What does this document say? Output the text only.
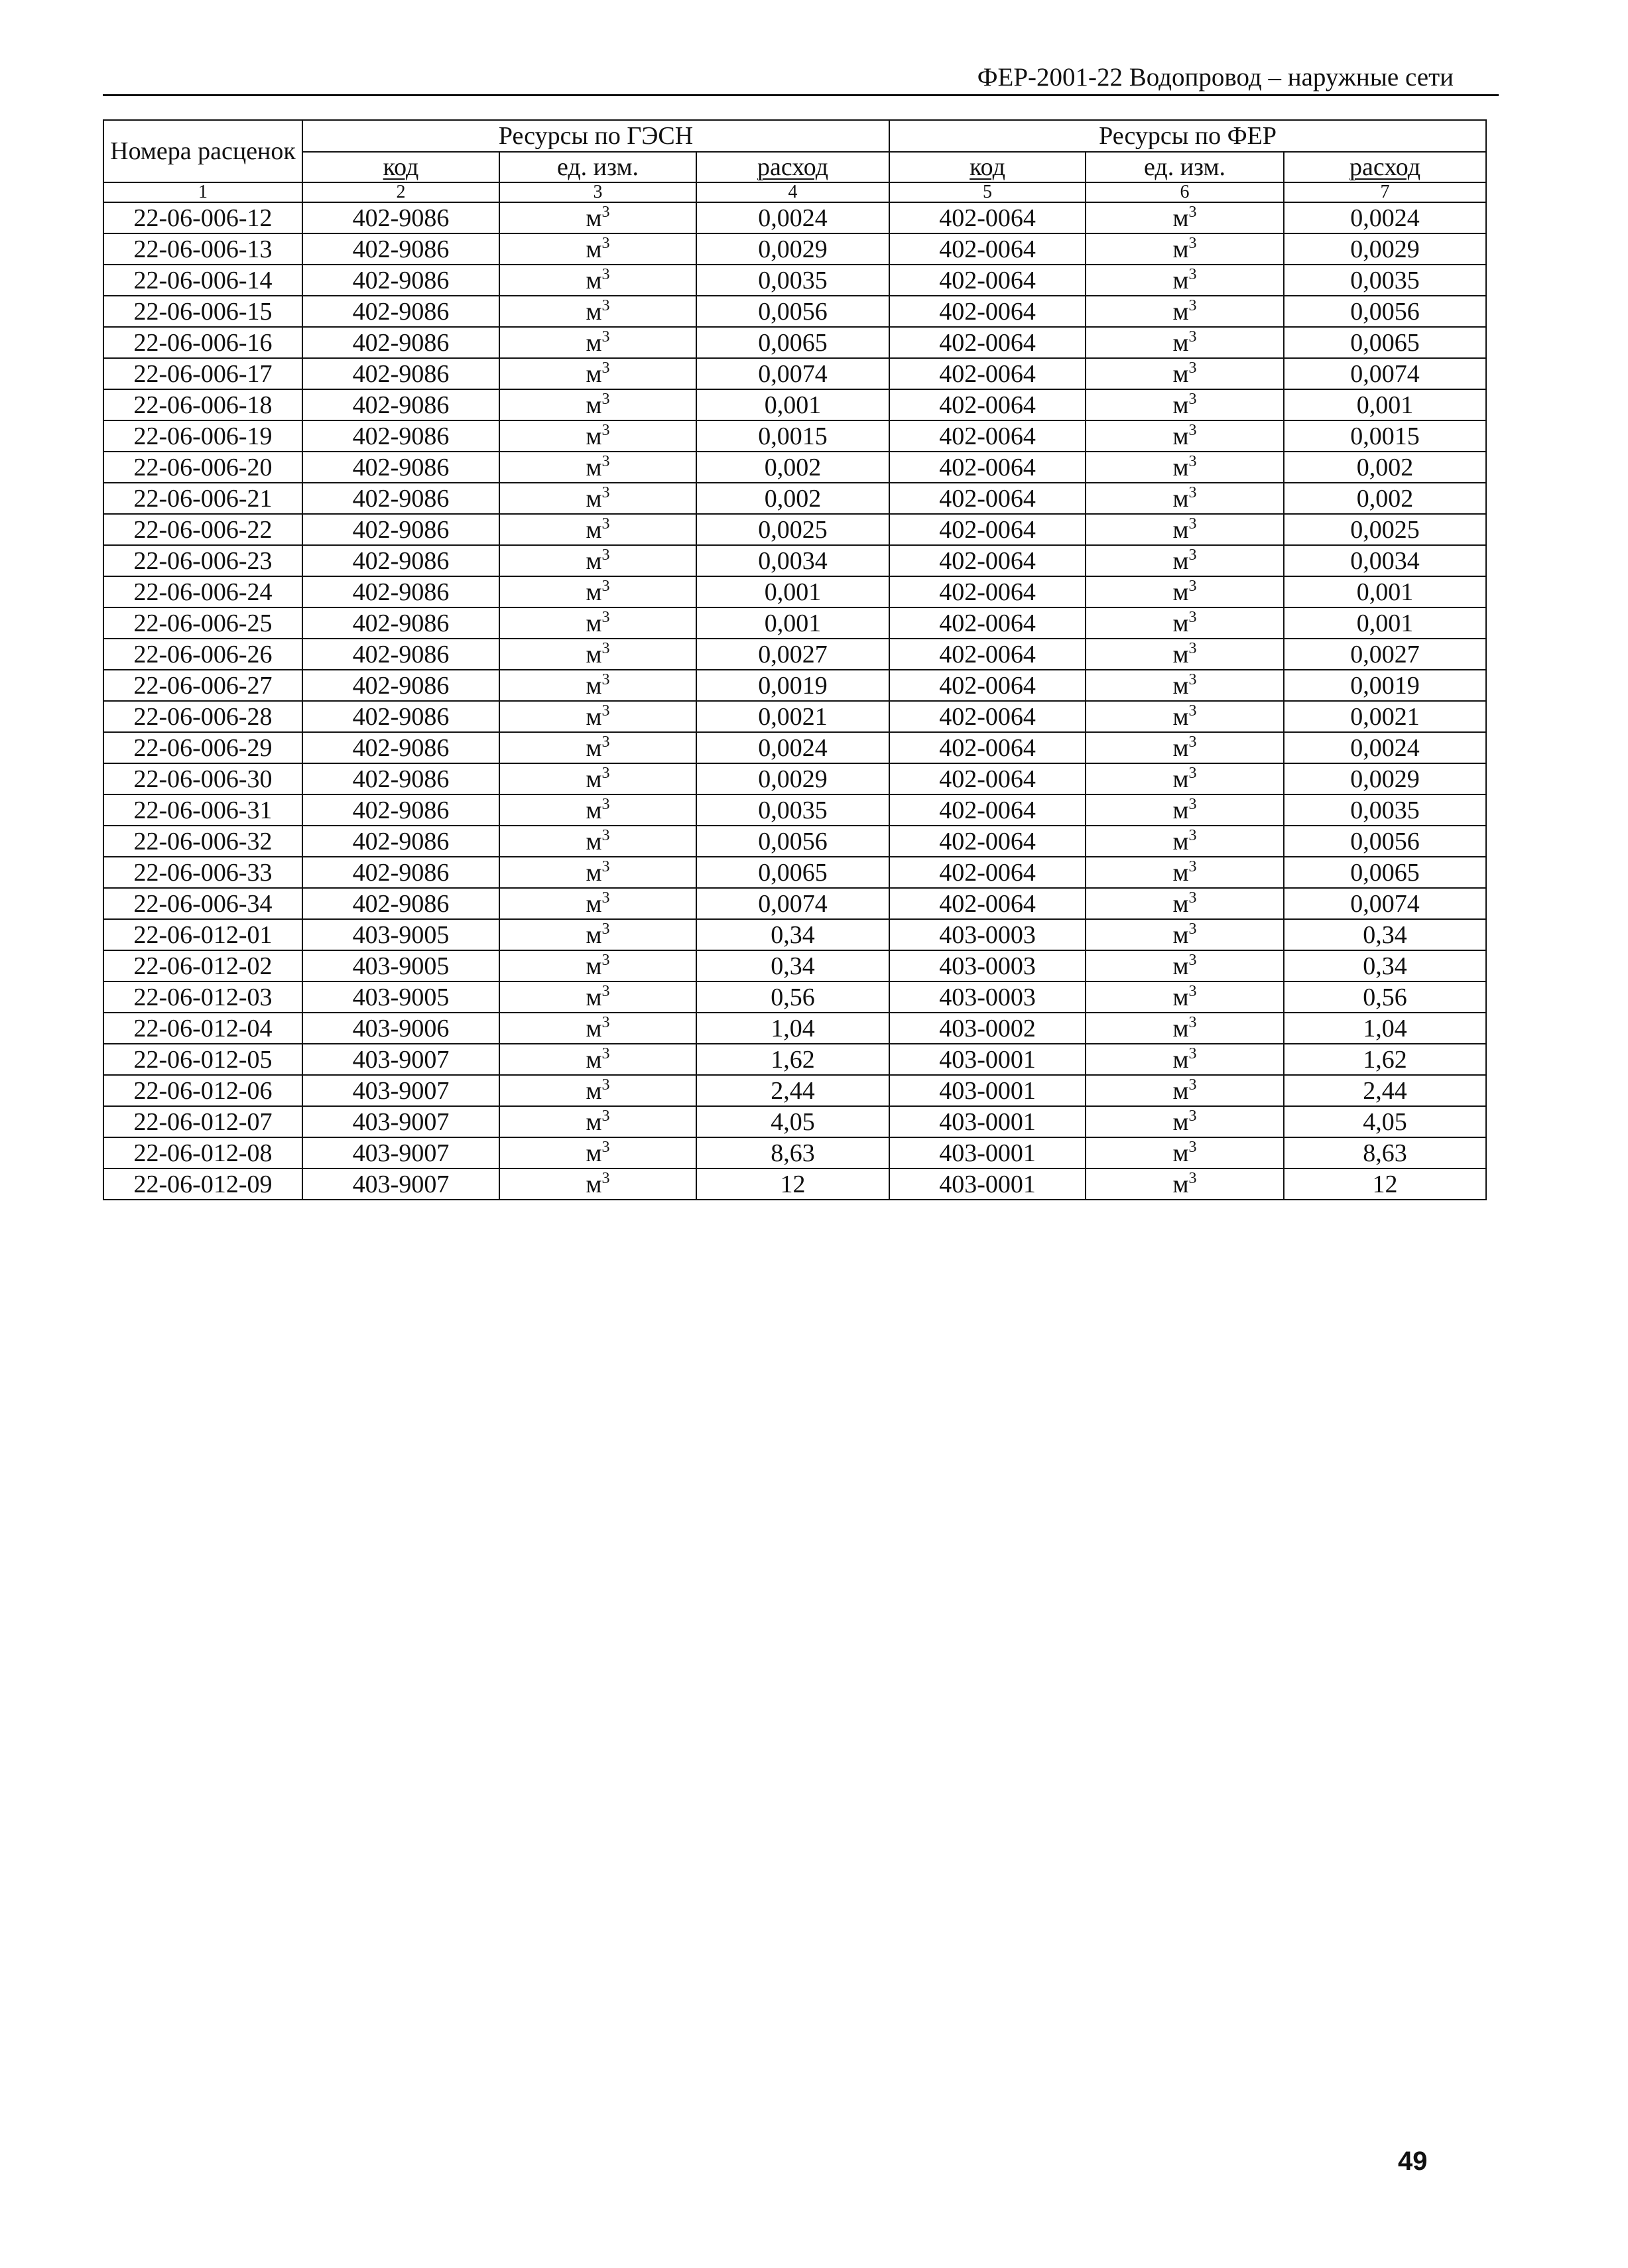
ФЕР-2001-22 Водопровод – наружные сети
Номера расценок	Ресурсы по ГЭСН			Ресурсы по ФЕР		
	код	ед. изм.	расход	код	ед. изм.	расход
1	2	3	4	5	6	7
22-06-006-12	402-9086	$м^3$	0,0024	402-0064	$м^3$	0,0024
22-06-006-13	402-9086	$м^3$	0,0029	402-0064	$м^3$	0,0029
22-06-006-14	402-9086	$м^3$	0,0035	402-0064	$м^3$	0,0035
22-06-006-15	402-9086	$м^3$	0,0056	402-0064	$м^3$	0,0056
22-06-006-16	402-9086	$м^3$	0,0065	402-0064	$м^3$	0,0065
22-06-006-17	402-9086	$м^3$	0,0074	402-0064	$м^3$	0,0074
22-06-006-18	402-9086	$м^3$	0,001	402-0064	$м^3$	0,001
22-06-006-19	402-9086	$м^3$	0,0015	402-0064	$м^3$	0,0015
22-06-006-20	402-9086	$м^3$	0,002	402-0064	$м^3$	0,002
22-06-006-21	402-9086	$м^3$	0,002	402-0064	$м^3$	0,002
22-06-006-22	402-9086	$м^3$	0,0025	402-0064	$м^3$	0,0025
22-06-006-23	402-9086	$м^3$	0,0034	402-0064	$м^3$	0,0034
22-06-006-24	402-9086	$м^3$	0,001	402-0064	$м^3$	0,001
22-06-006-25	402-9086	$м^3$	0,001	402-0064	$м^3$	0,001
22-06-006-26	402-9086	$м^3$	0,0027	402-0064	$м^3$	0,0027
22-06-006-27	402-9086	$м^3$	0,0019	402-0064	$м^3$	0,0019
22-06-006-28	402-9086	$м^3$	0,0021	402-0064	$м^3$	0,0021
22-06-006-29	402-9086	$м^3$	0,0024	402-0064	$м^3$	0,0024
22-06-006-30	402-9086	$м^3$	0,0029	402-0064	$м^3$	0,0029
22-06-006-31	402-9086	$м^3$	0,0035	402-0064	$м^3$	0,0035
22-06-006-32	402-9086	$м^3$	0,0056	402-0064	$м^3$	0,0056
22-06-006-33	402-9086	$м^3$	0,0065	402-0064	$м^3$	0,0065
22-06-006-34	402-9086	$м^3$	0,0074	402-0064	$м^3$	0,0074
22-06-012-01	403-9005	$м^3$	0,34	403-0003	$м^3$	0,34
22-06-012-02	403-9005	$м^3$	0,34	403-0003	$м^3$	0,34
22-06-012-03	403-9005	$м^3$	0,56	403-0003	$м^3$	0,56
22-06-012-04	403-9006	$м^3$	1,04	403-0002	$м^3$	1,04
22-06-012-05	403-9007	$м^3$	1,62	403-0001	$м^3$	1,62
22-06-012-06	403-9007	$м^3$	2,44	403-0001	$м^3$	2,44
22-06-012-07	403-9007	$м^3$	4,05	403-0001	$м^3$	4,05
22-06-012-08	403-9007	$м^3$	8,63	403-0001	$м^3$	8,63
22-06-012-09	403-9007	$м^3$	12	403-0001	$м^3$	12
49
